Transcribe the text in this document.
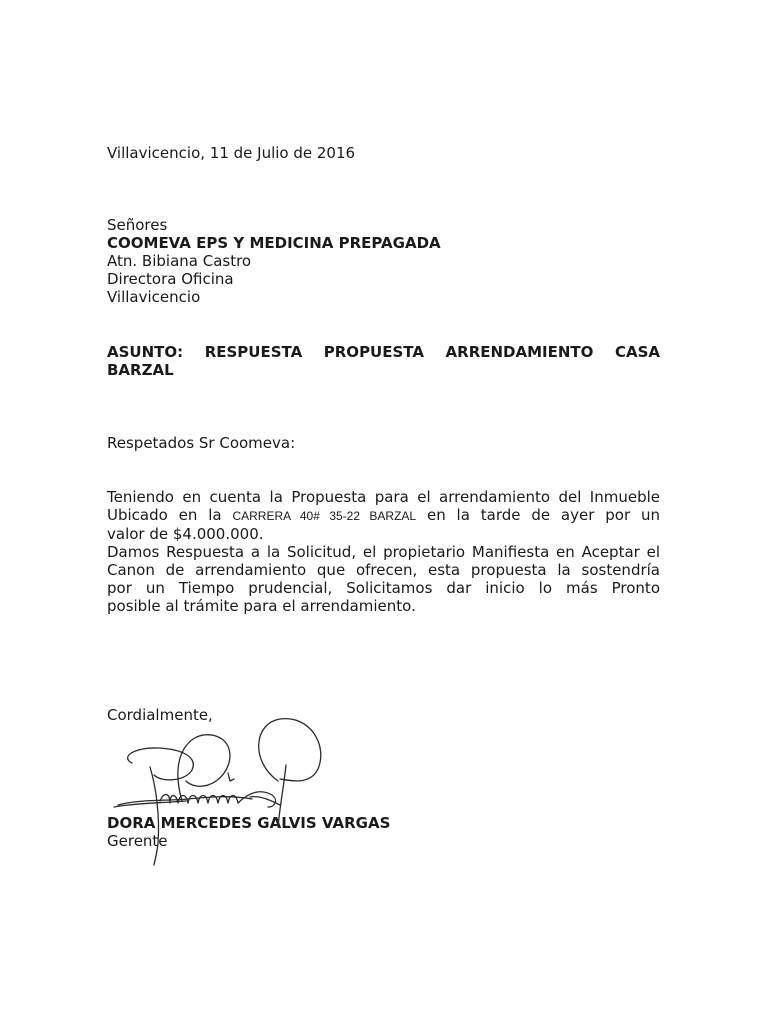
Villavicencio, 11 de Julio de 2016
Señores
COOMEVA EPS Y MEDICINA PREPAGADA
Atn. Bibiana Castro
Directora Oficina
Villavicencio
ASUNTO: RESPUESTA PROPUESTA ARRENDAMIENTO CASA
BARZAL
Respetados Sr Coomeva:
Teniendo en cuenta la Propuesta para el arrendamiento del Inmueble
Ubicado en la CARRERA 40# 35-22 BARZAL en la tarde de ayer por un
valor de $4.000.000.
Damos Respuesta a la Solicitud, el propietario Manifiesta en Aceptar el
Canon de arrendamiento que ofrecen, esta propuesta la sostendría
por un Tiempo prudencial, Solicitamos dar inicio lo más Pronto
posible al trámite para el arrendamiento.
Cordialmente,
DORA MERCEDES GALVIS VARGAS
Gerente
